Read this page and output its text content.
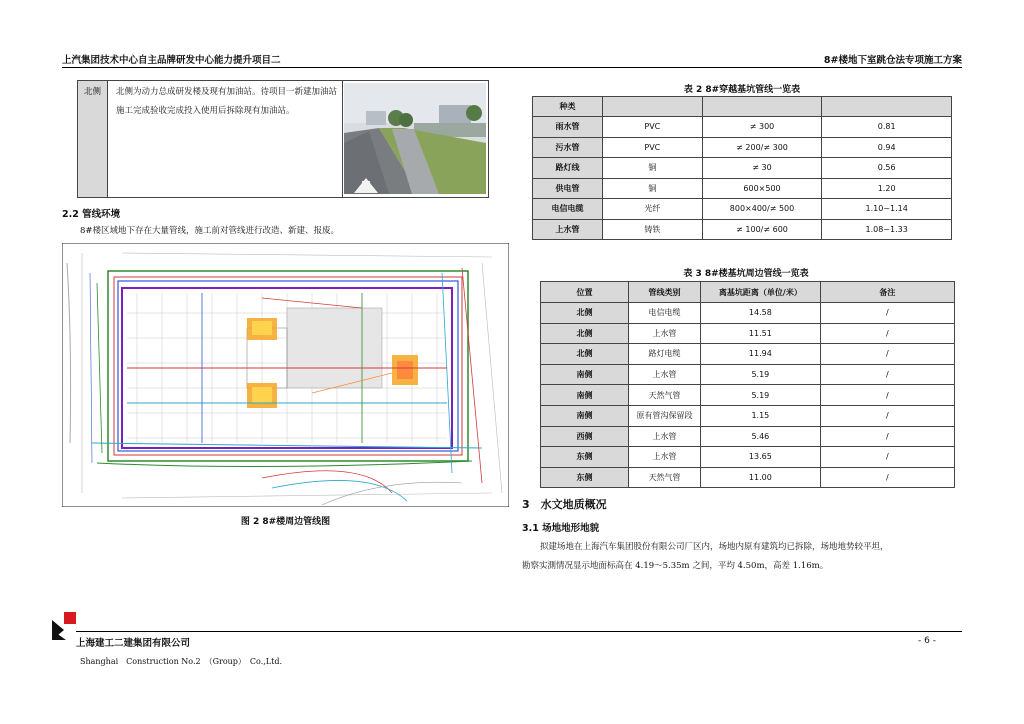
上汽集团技术中心自主品牌研发中心能力提升项目二	8#楼地下室跳仓法专项施工方案
北侧	北侧为动力总成研发楼及现有加油站。待项目一新建加油站施工完成验收完成投入使用后拆除现有加油站。
2.2 管线环境
8#楼区域地下存在大量管线，施工前对管线进行改造、新建、报废。
图 2 8#楼周边管线图
表 2 8#穿越基坑管线一览表
种类			
雨水管	PVC	≠ 300	0.81
污水管	PVC	≠ 200/≠ 300	0.94
路灯线	铜	≠ 30	0.56
供电管	铜	600×500	1.20
电信电缆	光纤	800×400/≠ 500	1.10~1.14
上水管	铸铁	≠ 100/≠ 600	1.08~1.33
表 3 8#楼基坑周边管线一览表
位置	管线类别	离基坑距离（单位/米）	备注
北侧	电信电缆	14.58	/
北侧	上水管	11.51	/
北侧	路灯电缆	11.94	/
南侧	上水管	5.19	/
南侧	天然气管	5.19	/
南侧	原有管沟保留段	1.15	/
西侧	上水管	5.46	/
东侧	上水管	13.65	/
东侧	天然气管	11.00	/
3　水文地质概况
3.1 场地地形地貌
拟建场地在上海汽车集团股份有限公司厂区内，场地内原有建筑均已拆除，场地地势较平坦，
勘察实測情况显示地面标高在 4.19～5.35m 之间，平均 4.50m，高差 1.16m。
上海建工二建集团有限公司
Shanghai　Construction No.2　（Group）　Co.,Ltd.
- 6 -
